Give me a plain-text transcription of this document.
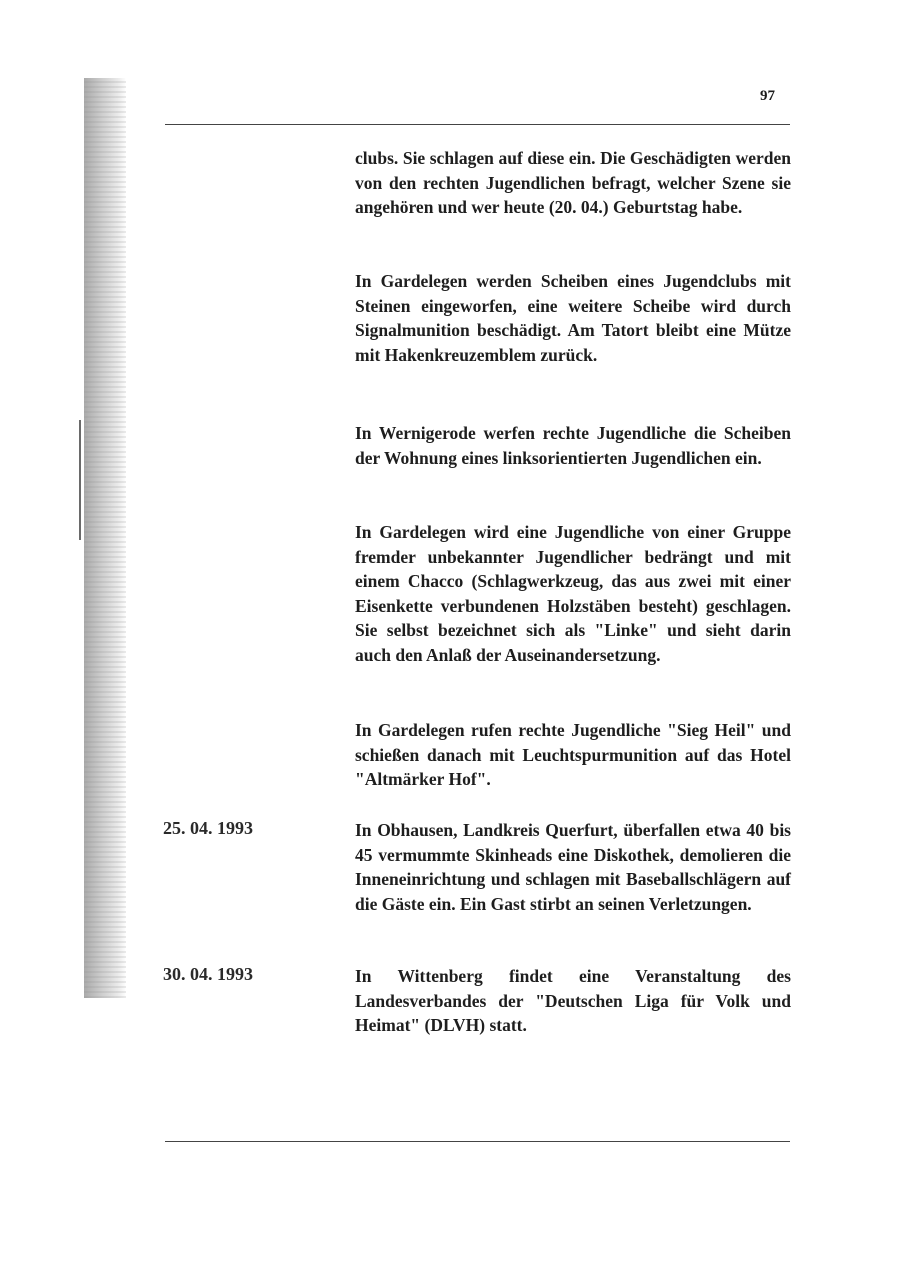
97
clubs. Sie schlagen auf diese ein. Die Geschädigten werden von den rechten Jugendlichen befragt, welcher Szene sie angehören und wer heute (20. 04.) Geburtstag habe.
In Gardelegen werden Scheiben eines Jugendclubs mit Steinen eingeworfen, eine weitere Scheibe wird durch Signalmunition beschädigt. Am Tatort bleibt eine Mütze mit Hakenkreuzemblem zurück.
In Wernigerode werfen rechte Jugendliche die Scheiben der Wohnung eines linksorientierten Jugendlichen ein.
In Gardelegen wird eine Jugendliche von einer Gruppe fremder unbekannter Jugendlicher bedrängt und mit einem Chacco (Schlagwerkzeug, das aus zwei mit einer Eisenkette verbundenen Holzstäben besteht) geschlagen. Sie selbst bezeichnet sich als "Linke" und sieht darin auch den Anlaß der Auseinandersetzung.
In Gardelegen rufen rechte Jugendliche "Sieg Heil" und schießen danach mit Leuchtspurmunition auf das Hotel "Altmärker Hof".
25. 04. 1993	In Obhausen, Landkreis Querfurt, überfallen etwa 40 bis 45 vermummte Skinheads eine Diskothek, demolieren die Inneneinrichtung und schlagen mit Baseballschlägern auf die Gäste ein. Ein Gast stirbt an seinen Verletzungen.
30. 04. 1993	In Wittenberg findet eine Veranstaltung des Landesverbandes der "Deutschen Liga für Volk und Heimat" (DLVH) statt.
